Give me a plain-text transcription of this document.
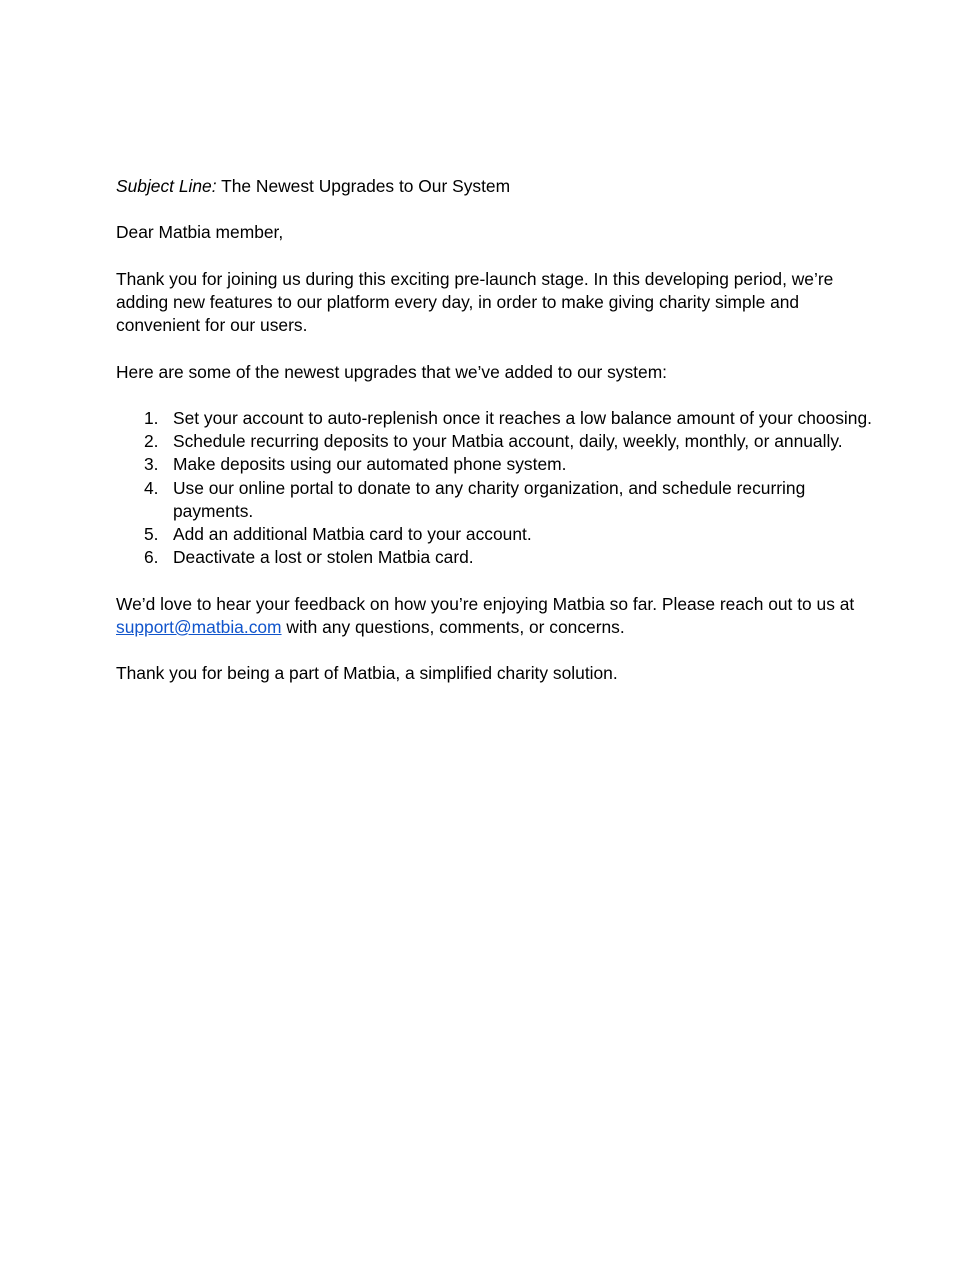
Subject Line: The Newest Upgrades to Our System

Dear Matbia member,

Thank you for joining us during this exciting pre-launch stage. In this developing period, we’re adding new features to our platform every day, in order to make giving charity simple and convenient for our users.

Here are some of the newest upgrades that we’ve added to our system:

1. Set your account to auto-replenish once it reaches a low balance amount of your choosing.
2. Schedule recurring deposits to your Matbia account, daily, weekly, monthly, or annually.
3. Make deposits using our automated phone system.
4. Use our online portal to donate to any charity organization, and schedule recurring payments.
5. Add an additional Matbia card to your account.
6. Deactivate a lost or stolen Matbia card.

We’d love to hear your feedback on how you’re enjoying Matbia so far. Please reach out to us at support@matbia.com with any questions, comments, or concerns.

Thank you for being a part of Matbia, a simplified charity solution.
